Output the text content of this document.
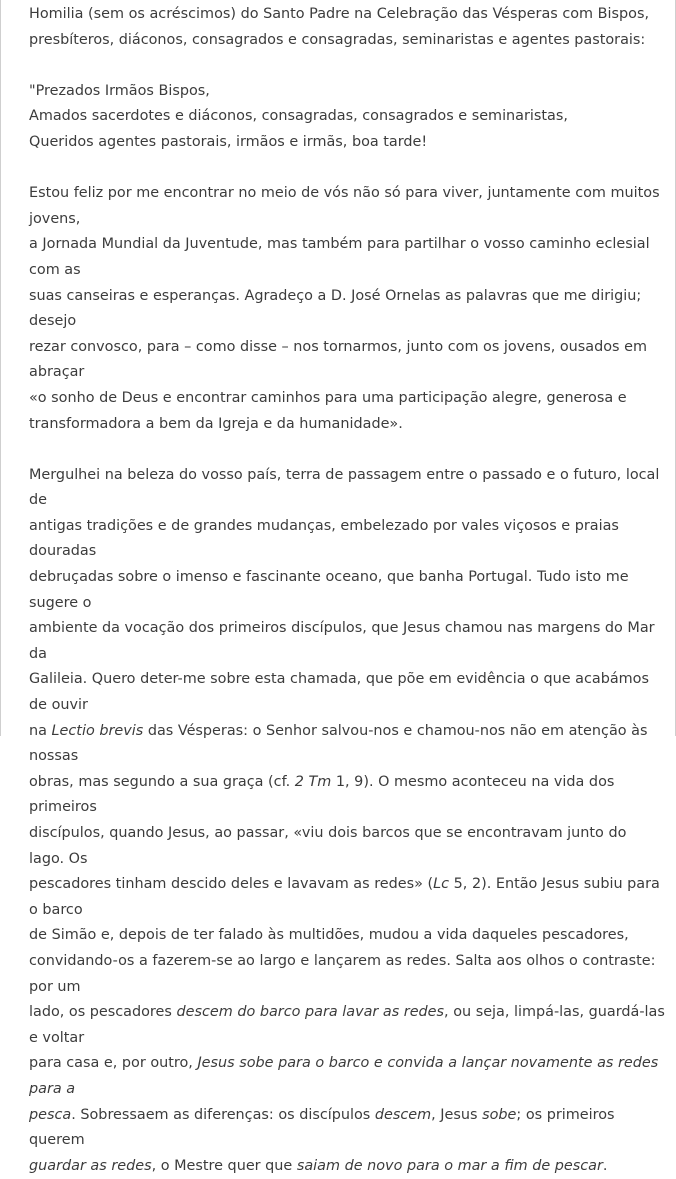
Homilia (sem os acréscimos) do Santo Padre na Celebração das Vésperas com Bispos,

presbíteros, diáconos, consagrados e consagradas, seminaristas e agentes pastorais:

"Prezados Irmãos Bispos,

Amados sacerdotes e diáconos, consagradas, consagrados e seminaristas,

Queridos agentes pastorais, irmãos e irmãs, boa tarde!

Estou feliz por me encontrar no meio de vós não só para viver, juntamente com muitos jovens,

a Jornada Mundial da Juventude, mas também para partilhar o vosso caminho eclesial com as

suas canseiras e esperanças. Agradeço a D. José Ornelas as palavras que me dirigiu; desejo

rezar convosco, para – como disse – nos tornarmos, junto com os jovens, ousados em abraçar

«o sonho de Deus e encontrar caminhos para uma participação alegre, generosa e

transformadora a bem da Igreja e da humanidade».

Mergulhei na beleza do vosso país, terra de passagem entre o passado e o futuro, local de

antigas tradições e de grandes mudanças, embelezado por vales viçosos e praias douradas

debruçadas sobre o imenso e fascinante oceano, que banha Portugal. Tudo isto me sugere o

ambiente da vocação dos primeiros discípulos, que Jesus chamou nas margens do Mar da

Galileia. Quero deter-me sobre esta chamada, que põe em evidência o que acabámos de ouvir

na Lectio brevis das Vésperas: o Senhor salvou-nos e chamou-nos não em atenção às nossas

obras, mas segundo a sua graça (cf. 2 Tm 1, 9). O mesmo aconteceu na vida dos primeiros

discípulos, quando Jesus, ao passar, «viu dois barcos que se encontravam junto do lago. Os

pescadores tinham descido deles e lavavam as redes» (Lc 5, 2). Então Jesus subiu para o barco

de Simão e, depois de ter falado às multidões, mudou a vida daqueles pescadores,

convidando-os a fazerem-se ao largo e lançarem as redes. Salta aos olhos o contraste: por um

lado, os pescadores descem do barco para lavar as redes, ou seja, limpá-las, guardá-las e voltar

para casa e, por outro, Jesus sobe para o barco e convida a lançar novamente as redes para a

pesca. Sobressaem as diferenças: os discípulos descem, Jesus sobe; os primeiros querem

guardar as redes, o Mestre quer que saiam de novo para o mar a fim de pescar.
